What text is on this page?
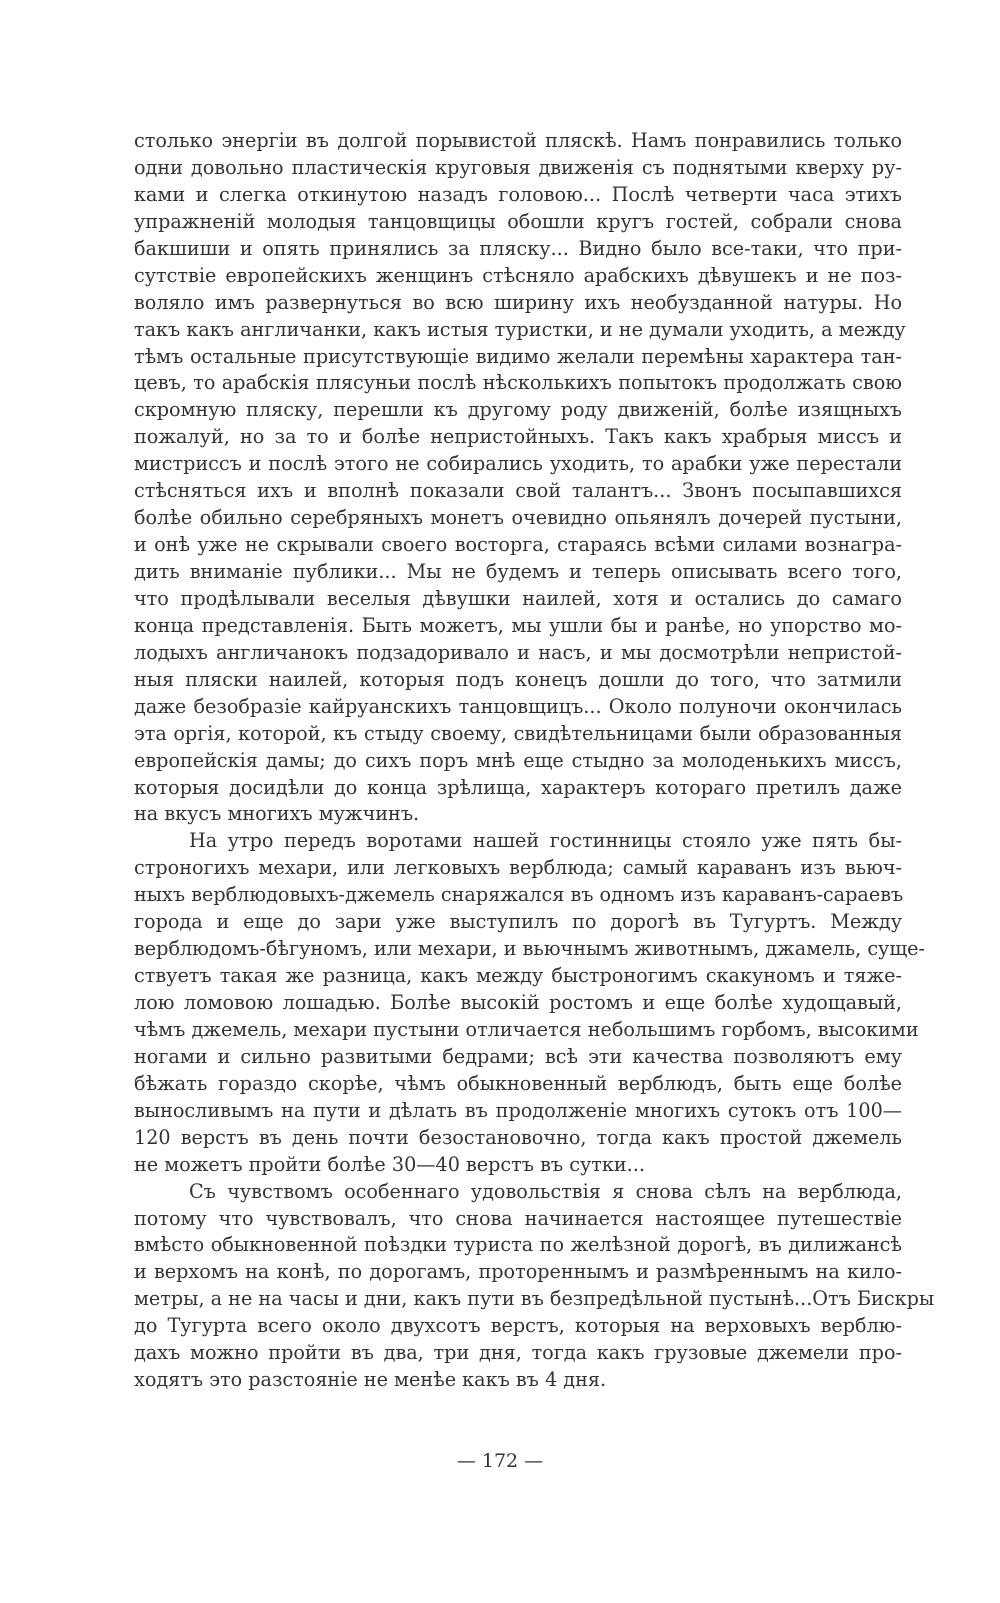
столько энергіи въ долгой порывистой пляскѣ. Намъ понравились только
одни довольно пластическія круговыя движенія съ поднятыми кверху ру-
ками и слегка откинутою назадъ головою... Послѣ четверти часа этихъ
упражненій молодыя танцовщицы обошли кругъ гостей, собрали снова
бакшиши и опять принялись за пляску... Видно было все-таки, что при-
сутствіе европейскихъ женщинъ стѣсняло арабскихъ дѣвушекъ и не поз-
воляло имъ развернуться во всю ширину ихъ необузданной натуры. Но
такъ какъ англичанки, какъ истыя туристки, и не думали уходить, а между
тѣмъ остальные присутствующіе видимо желали перемѣны характера тан-
цевъ, то арабскія плясуньи послѣ нѣсколькихъ попытокъ продолжать свою
скромную пляску, перешли къ другому роду движеній, болѣе изящныхъ
пожалуй, но за то и болѣе непристойныхъ. Такъ какъ храбрыя миссъ и
мистриссъ и послѣ этого не собирались уходить, то арабки уже перестали
стѣсняться ихъ и вполнѣ показали свой талантъ... Звонъ посыпавшихся
болѣе обильно серебряныхъ монетъ очевидно опьянялъ дочерей пустыни,
и онѣ уже не скрывали своего восторга, стараясь всѣми силами вознагра-
дить вниманіе публики... Мы не будемъ и теперь описывать всего того,
что продѣлывали веселыя дѣвушки наилей, хотя и остались до самаго
конца представленія. Быть можетъ, мы ушли бы и ранѣе, но упорство мо-
лодыхъ англичанокъ подзадоривало и насъ, и мы досмотрѣли непристой-
ныя пляски наилей, которыя подъ конецъ дошли до того, что затмили
даже безобразіе кайруанскихъ танцовщицъ... Около полуночи окончилась
эта оргія, которой, къ стыду своему, свидѣтельницами были образованныя
европейскія дамы; до сихъ поръ мнѣ еще стыдно за молоденькихъ миссъ,
которыя досидѣли до конца зрѣлища, характеръ котораго претилъ даже
на вкусъ многихъ мужчинъ.
На утро передъ воротами нашей гостинницы стояло уже пять бы-
строногихъ мехари, или легковыхъ верблюда; самый караванъ изъ вьюч-
ныхъ верблюдовыхъ-джемель снаряжался въ одномъ изъ караванъ-сараевъ
города и еще до зари уже выступилъ по дорогѣ въ Тугуртъ. Между
верблюдомъ-бѣгуномъ, или мехари, и вьючнымъ животнымъ, джамель, суще-
ствуетъ такая же разница, какъ между быстроногимъ скакуномъ и тяже-
лою ломовою лошадью. Болѣе высокій ростомъ и еще болѣе худощавый,
чѣмъ джемель, мехари пустыни отличается небольшимъ горбомъ, высокими
ногами и сильно развитыми бедрами; всѣ эти качества позволяютъ ему
бѣжать гораздо скорѣе, чѣмъ обыкновенный верблюдъ, быть еще болѣе
выносливымъ на пути и дѣлать въ продолженіе многихъ сутокъ отъ 100—
120 верстъ въ день почти безостановочно, тогда какъ простой джемель
не можетъ пройти болѣе 30—40 верстъ въ сутки...
Съ чувствомъ особеннаго удовольствія я снова сѣлъ на верблюда,
потому что чувствовалъ, что снова начинается настоящее путешествіе
вмѣсто обыкновенной поѣздки туриста по желѣзной дорогѣ, въ дилижансѣ
и верхомъ на конѣ, по дорогамъ, протореннымъ и размѣреннымъ на кило-
метры, а не на часы и дни, какъ пути въ безпредѣльной пустынѣ...Отъ Бискры
до Тугурта всего около двухсотъ верстъ, которыя на верховыхъ верблю-
дахъ можно пройти въ два, три дня, тогда какъ грузовые джемели про-
ходятъ это разстояніе не менѣе какъ въ 4 дня.
— 172 —
